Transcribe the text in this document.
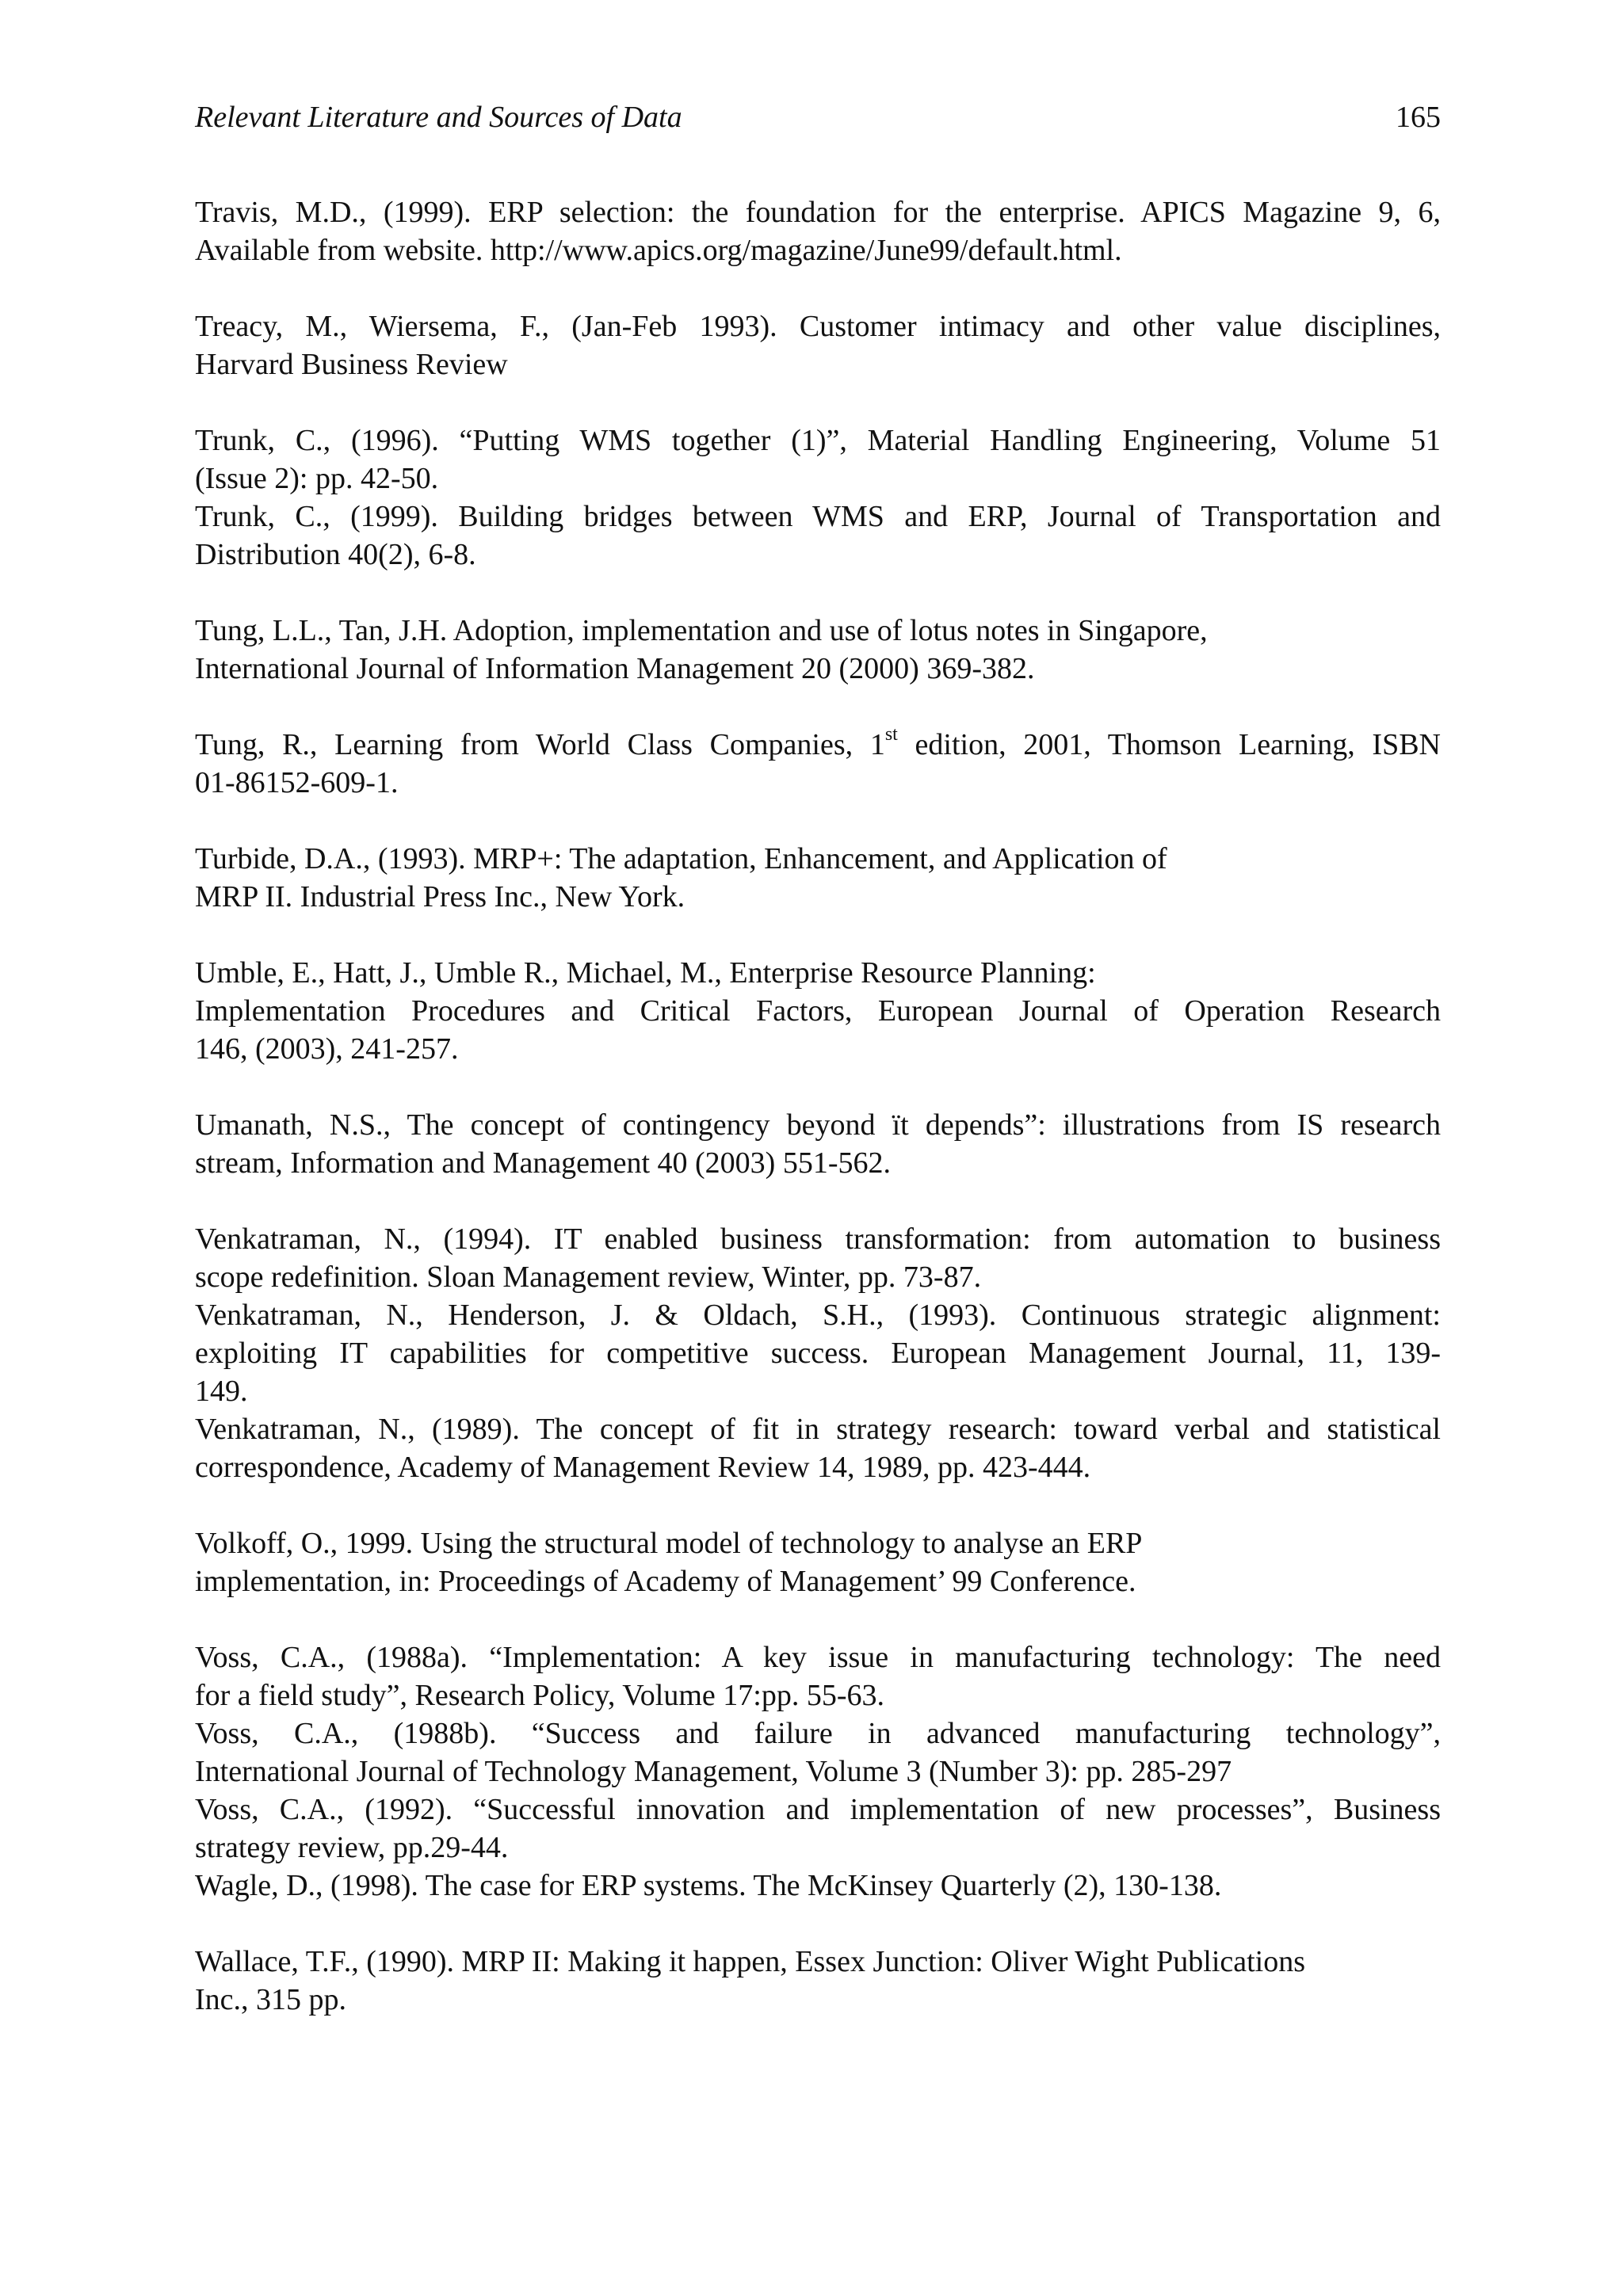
Relevant Literature and Sources of Data	165
Travis, M.D., (1999). ERP selection: the foundation for the enterprise. APICS Magazine 9, 6,
Available from website. http://www.apics.org/magazine/June99/default.html.
Treacy, M., Wiersema, F., (Jan-Feb 1993). Customer intimacy and other value disciplines,
Harvard Business Review
Trunk, C., (1996). “Putting WMS together (1)”, Material Handling Engineering, Volume 51
(Issue 2): pp. 42-50.
Trunk, C., (1999). Building bridges between WMS and ERP, Journal of Transportation and
Distribution 40(2), 6-8.
Tung, L.L., Tan, J.H. Adoption, implementation and use of lotus notes in Singapore,
International Journal of Information Management 20 (2000) 369-382.
Tung, R., Learning from World Class Companies, 1st edition, 2001, Thomson Learning, ISBN
01-86152-609-1.
Turbide, D.A., (1993). MRP+: The adaptation, Enhancement, and Application of
MRP II. Industrial Press Inc., New York.
Umble, E., Hatt, J., Umble R., Michael, M., Enterprise Resource Planning:
Implementation Procedures and Critical Factors, European Journal of Operation Research
146, (2003), 241-257.
Umanath, N.S., The concept of contingency beyond ït depends”: illustrations from IS research
stream, Information and Management 40 (2003) 551-562.
Venkatraman, N., (1994). IT enabled business transformation: from automation to business
scope redefinition. Sloan Management review, Winter, pp. 73-87.
Venkatraman, N., Henderson, J. & Oldach, S.H., (1993). Continuous strategic alignment:
exploiting IT capabilities for competitive success. European Management Journal, 11, 139-
149.
Venkatraman, N., (1989). The concept of fit in strategy research: toward verbal and statistical
correspondence, Academy of Management Review 14, 1989, pp. 423-444.
Volkoff, O., 1999. Using the structural model of technology to analyse an ERP
implementation, in: Proceedings of Academy of Management’ 99 Conference.
Voss, C.A., (1988a). “Implementation: A key issue in manufacturing technology: The need
for a field study”, Research Policy, Volume 17:pp. 55-63.
Voss, C.A., (1988b). “Success and failure in advanced manufacturing technology”,
International Journal of Technology Management, Volume 3 (Number 3): pp. 285-297
Voss, C.A., (1992). “Successful innovation and implementation of new processes”, Business
strategy review, pp.29-44.
Wagle, D., (1998). The case for ERP systems. The McKinsey Quarterly (2), 130-138.
Wallace, T.F., (1990). MRP II: Making it happen, Essex Junction: Oliver Wight Publications
Inc., 315 pp.
